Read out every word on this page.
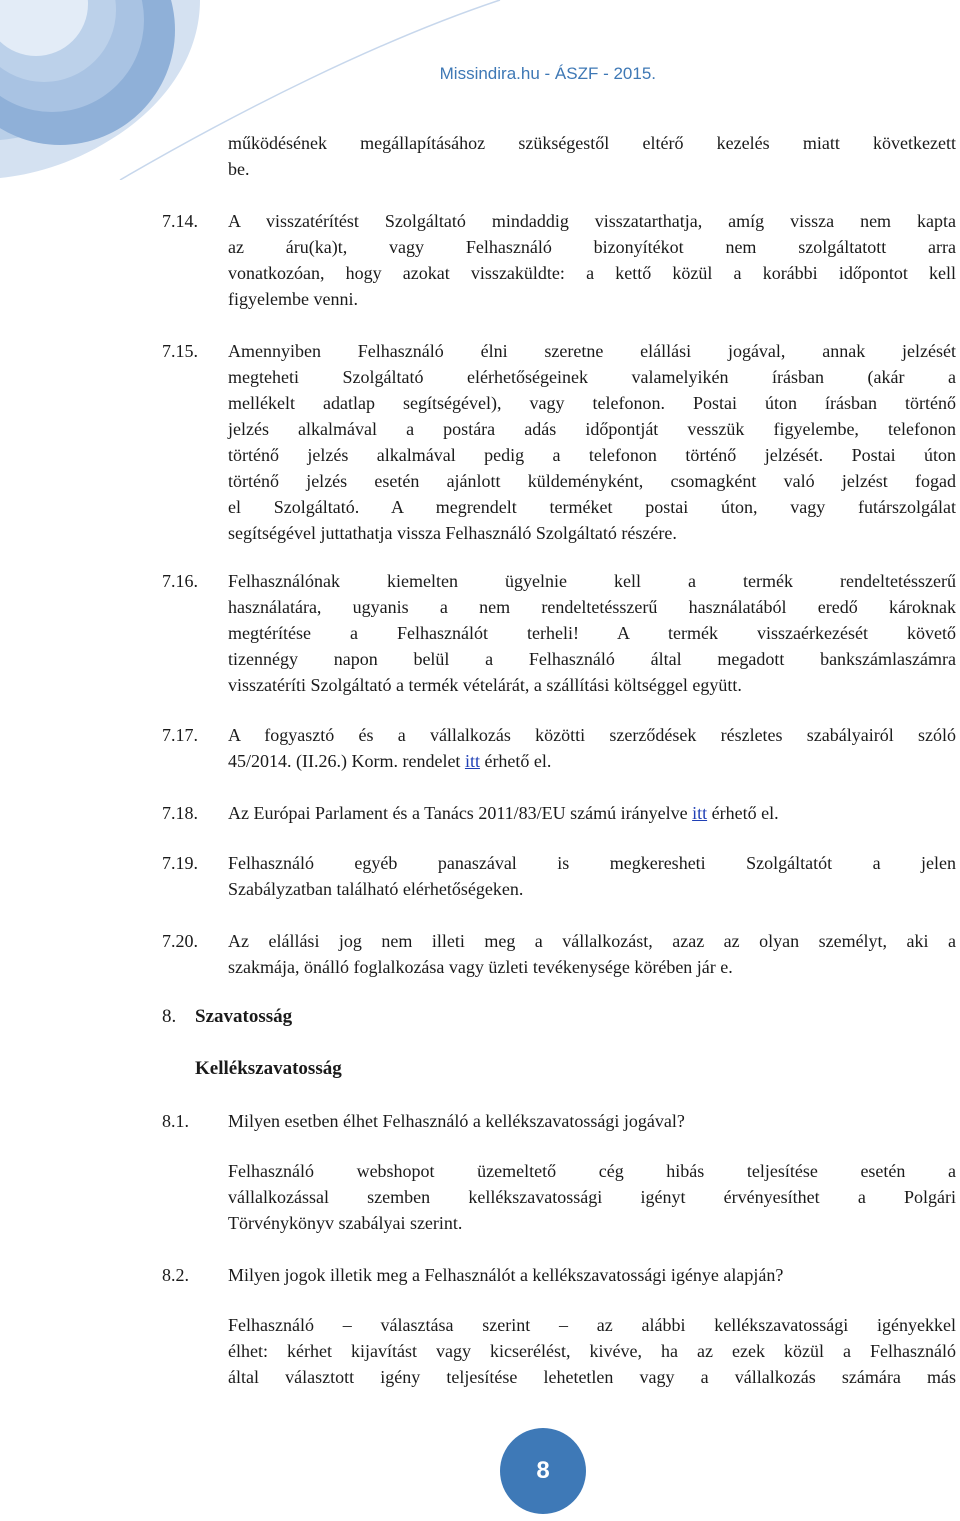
Missindira.hu - ÁSZF - 2015.
működésének megállapításához szükségestől eltérő kezelés miatt következett
be.
7.14. A visszatérítést Szolgáltató mindaddig visszatarthatja, amíg vissza nem kapta
az áru(ka)t, vagy Felhasználó bizonyítékot nem szolgáltatott arra
vonatkozóan, hogy azokat visszaküldte: a kettő közül a korábbi időpontot kell
figyelembe venni.
7.15. Amennyiben Felhasználó élni szeretne elállási jogával, annak jelzését
megteheti Szolgáltató elérhetőségeinek valamelyikén írásban (akár a
mellékelt adatlap segítségével), vagy telefonon. Postai úton írásban történő
jelzés alkalmával a postára adás időpontját vesszük figyelembe, telefonon
történő jelzés alkalmával pedig a telefonon történő jelzését. Postai úton
történő jelzés esetén ajánlott küldeményként, csomagként való jelzést fogad
el Szolgáltató. A megrendelt terméket postai úton, vagy futárszolgálat
segítségével juttathatja vissza Felhasználó Szolgáltató részére.
7.16. Felhasználónak kiemelten ügyelnie kell a termék rendeltetésszerű
használatára, ugyanis a nem rendeltetésszerű használatából eredő károknak
megtérítése a Felhasználót terheli! A termék visszaérkezését követő
tizennégy napon belül a Felhasználó által megadott bankszámlaszámra
visszatéríti Szolgáltató a termék vételárát, a szállítási költséggel együtt.
7.17. A fogyasztó és a vállalkozás közötti szerződések részletes szabályairól szóló
45/2014. (II.26.) Korm. rendelet itt érhető el.
7.18. Az Európai Parlament és a Tanács 2011/83/EU számú irányelve itt érhető el.
7.19. Felhasználó egyéb panaszával is megkeresheti Szolgáltatót a jelen
Szabályzatban található elérhetőségeken.
7.20. Az elállási jog nem illeti meg a vállalkozást, azaz az olyan személyt, aki a
szakmája, önálló foglalkozása vagy üzleti tevékenysége körében jár e.
8. Szavatosság
Kellékszavatosság
8.1. Milyen esetben élhet Felhasználó a kellékszavatossági jogával?
Felhasználó webshopot üzemeltető cég hibás teljesítése esetén a
vállalkozással szemben kellékszavatossági igényt érvényesíthet a Polgári
Törvénykönyv szabályai szerint.
8.2. Milyen jogok illetik meg a Felhasználót a kellékszavatossági igénye alapján?
Felhasználó – választása szerint – az alábbi kellékszavatossági igényekkel
élhet: kérhet kijavítást vagy kicserélést, kivéve, ha az ezek közül a Felhasználó
által választott igény teljesítése lehetetlen vagy a vállalkozás számára más
8
